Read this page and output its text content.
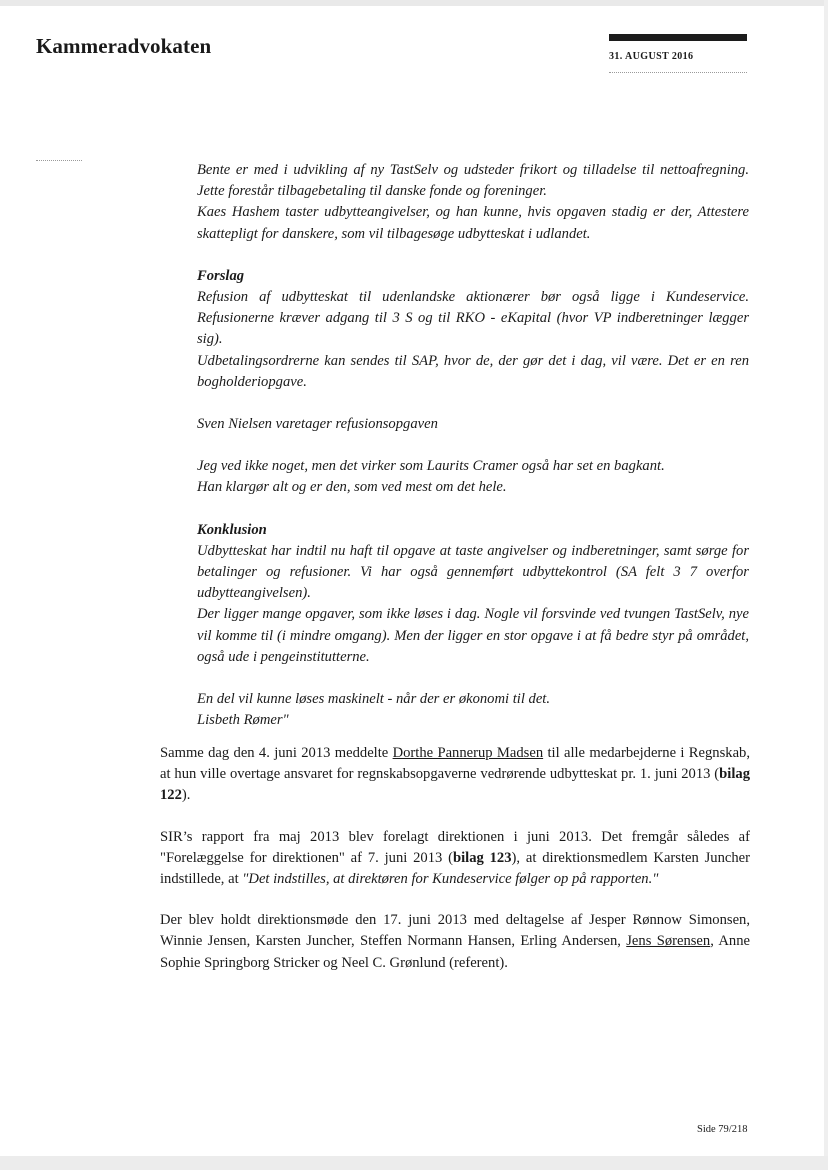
Kammeradvokaten	31. AUGUST 2016

Bente er med i udvikling af ny TastSelv og udsteder frikort og tilladelse til nettoafregning. Jette forestår tilbagebetaling til danske fonde og foreninger.

Kaes Hashem taster udbytteangivelser, og han kunne, hvis opgaven stadig er der, Attestere skattepligt for danskere, som vil tilbagesøge udbytteskat i udlandet.

Forslag

Refusion af udbytteskat til udenlandske aktionærer bør også ligge i Kundeservice. Refusionerne kræver adgang til 3 S og til RKO - eKapital (hvor VP indberetninger lægger sig).

Udbetalingsordrerne kan sendes til SAP, hvor de, der gør det i dag, vil være. Det er en ren bogholderiopgave.

Sven Nielsen varetager refusionsopgaven

Jeg ved ikke noget, men det virker som Laurits Cramer også har set en bagkant.

Han klargør alt og er den, som ved mest om det hele.

Konklusion

Udbytteskat har indtil nu haft til opgave at taste angivelser og indberetninger, samt sørge for betalinger og refusioner. Vi har også gennemført udbyttekontrol (SA felt 3 7 overfor udbytteangivelsen).

Der ligger mange opgaver, som ikke løses i dag. Nogle vil forsvinde ved tvungen TastSelv, nye vil komme til (i mindre omgang). Men der ligger en stor opgave i at få bedre styr på området, også ude i pengeinstitutterne.

En del vil kunne løses maskinelt - når der er økonomi til det.

Lisbeth Rømer"

Samme dag den 4. juni 2013 meddelte Dorthe Pannerup Madsen til alle medarbejderne i Regnskab, at hun ville overtage ansvaret for regnskabsopgaverne vedrørende udbytteskat pr. 1. juni 2013 (bilag 122).

SIR’s rapport fra maj 2013 blev forelagt direktionen i juni 2013. Det fremgår således af "Forelæggelse for direktionen" af 7. juni 2013 (bilag 123), at direktionsmedlem Karsten Juncher indstillede, at "Det indstilles, at direktøren for Kundeservice følger op på rapporten."

Der blev holdt direktionsmøde den 17. juni 2013 med deltagelse af Jesper Rønnow Simonsen, Winnie Jensen, Karsten Juncher, Steffen Normann Hansen, Erling Andersen, Jens Sørensen, Anne Sophie Springborg Stricker og Neel C. Grønlund (referent).

Side 79/218
